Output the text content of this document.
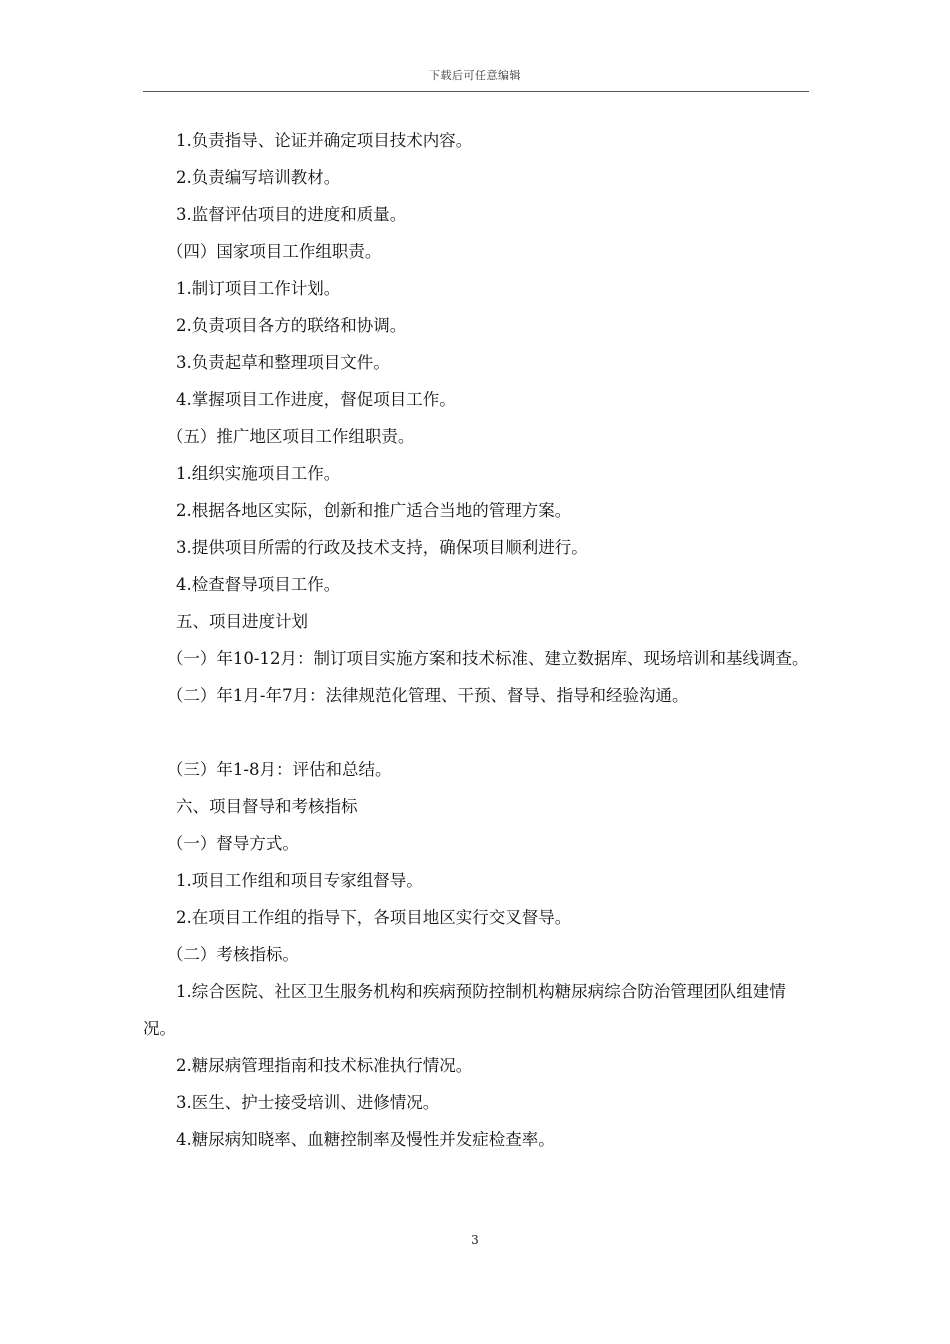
下载后可任意编辑

1.负责指导、论证并确定项目技术内容。

2.负责编写培训教材。

3.监督评估项目的进度和质量。

（四）国家项目工作组职责。

1.制订项目工作计划。

2.负责项目各方的联络和协调。

3.负责起草和整理项目文件。

4.掌握项目工作进度，督促项目工作。

（五）推广地区项目工作组职责。

1.组织实施项目工作。

2.根据各地区实际，创新和推广适合当地的管理方案。

3.提供项目所需的行政及技术支持，确保项目顺利进行。

4.检查督导项目工作。

五、项目进度计划

（一）年10-12月：制订项目实施方案和技术标准、建立数据库、现场培训和基线调查。

（二）年1月-年7月：法律规范化管理、干预、督导、指导和经验沟通。

（三）年1-8月：评估和总结。

六、项目督导和考核指标

（一）督导方式。

1.项目工作组和项目专家组督导。

2.在项目工作组的指导下，各项目地区实行交叉督导。

（二）考核指标。

1.综合医院、社区卫生服务机构和疾病预防控制机构糖尿病综合防治管理团队组建情况。

2.糖尿病管理指南和技术标准执行情况。

3.医生、护士接受培训、进修情况。

4.糖尿病知晓率、血糖控制率及慢性并发症检查率。

3
